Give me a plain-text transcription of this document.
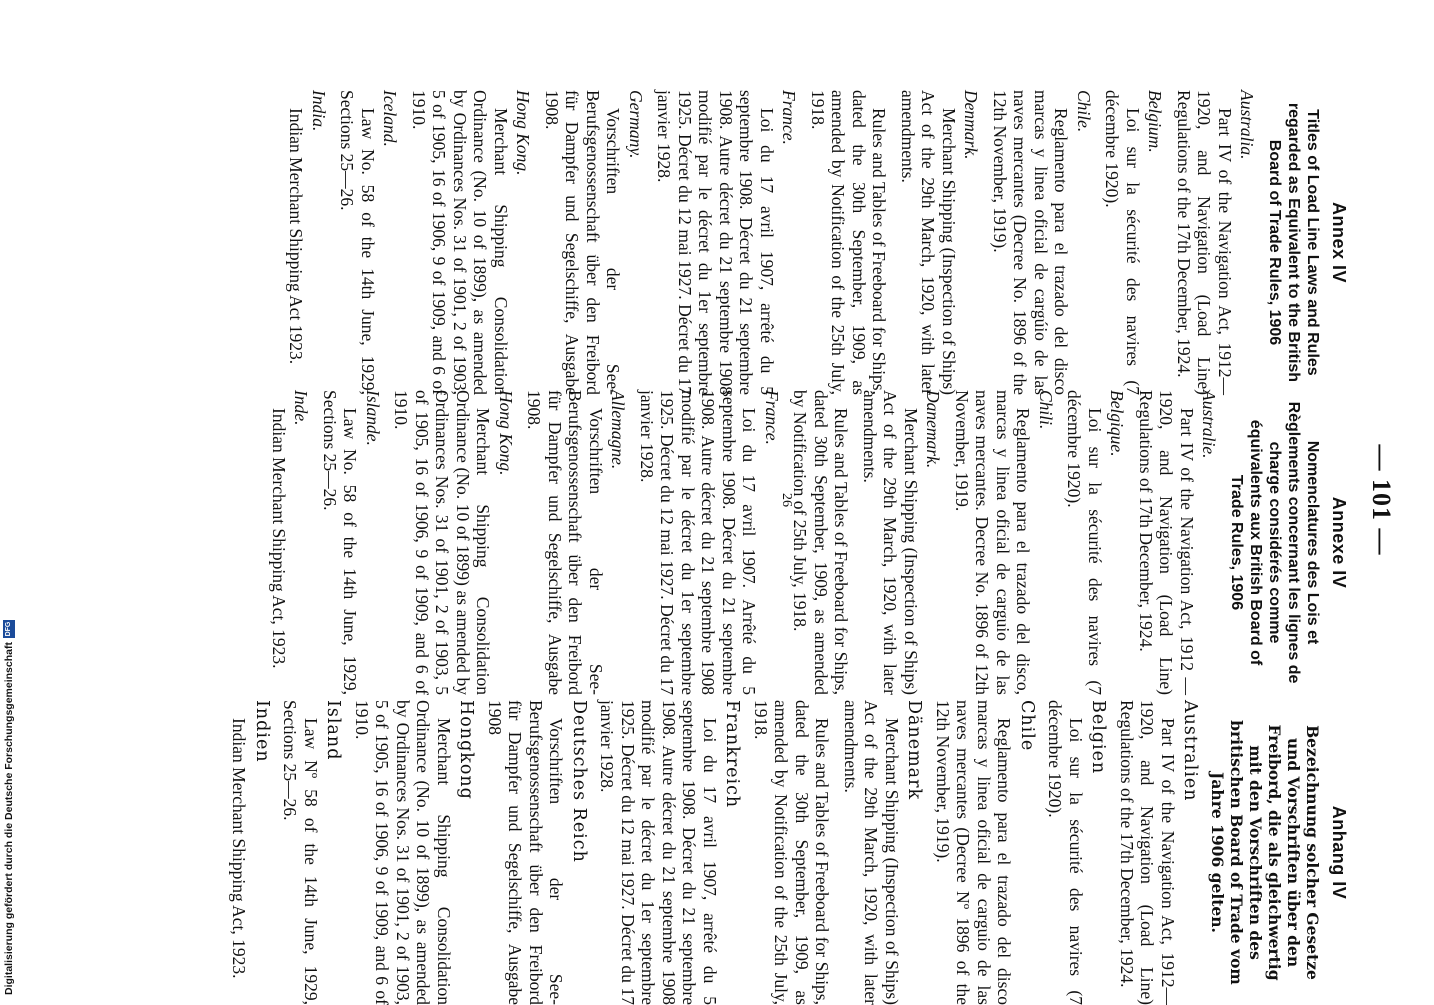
— 101 —
Annex IV
Titles of Load Line Laws and Rules regarded as Equivalent to the British Board of Trade Rules, 1906
Australia.
Part IV of the Navigation Act, 1912—1920, and Navigation (Load Line) Regulations of the 17th December, 1924.
Belgium.
Loi sur la sécurité des navires (7 décembre 1920).
Chile.
Reglamento para el trazado del disco marcas y linea oficial de cargúio de las naves mercantes (Decree No. 1896 of the 12th November, 1919).
Denmark.
Merchant Shipping (Inspection of Ships) Act of the 29th March, 1920, with later amendments.
Rules and Tables of Freeboard for Ships, dated the 30th September, 1909, as amended by Notification of the 25th July, 1918.
France.
Loi du 17 avril 1907, arrêté du 5 septembre 1908. Décret du 21 septembre 1908. Autre décret du 21 septembre 1908 modifié par le décret du 1er septembre 1925. Décret du 12 mai 1927. Décret du 17 janvier 1928.
Germany.
Vorschriften der See-Berufsgenossenschaft über den Freibord für Dampfer und Segelschiffe, Ausgabe 1908.
Hong Kong.
Merchant Shipping Consolidation Ordinance (No. 10 of 1899), as amended by Ordinances Nos. 31 of 1901, 2 of 1903, 5 of 1905, 16 of 1906, 9 of 1909, and 6 of 1910.
Iceland.
Law No. 58 of the 14th June, 1929, Sections 25—26.
India.
Indian Merchant Shipping Act 1923.
Annexe IV
Nomenclatures des Lois et Règlements concernant les lignes de charge considérés comme équivalents aux British Board of Trade Rules, 1906
Australie.
Part IV of the Navigation Act, 1912 — 1920, and Navigation (Load Line) Regulations of 17th December, 1924.
Belgique.
Loi sur la sécurité des navires (7 décembre 1920).
Chili.
Reglamento para el trazado del disco, marcas y linea oficial de carguio de las naves mercantes. Decree No. 1896 of 12th November, 1919.
Danemark.
Merchant Shipping (Inspection of Ships) Act of the 29th March, 1920, with later amendments.
Rules and Tables of Freeboard for Ships, dated 30th September, 1909, as amended by Notification of 25th July, 1918.
France.
Loi du 17 avril 1907. Arrêté du 5 septembre 1908. Décret du 21 septembre 1908. Autre décret du 21 septembre 1908 modifié par le décret du 1er septembre 1925. Décret du 12 mai 1927. Décret du 17 janvier 1928.
Allemagne.
Vorschriften der See-Berufsgenossenschaft über den Freibord für Dampfer und Segelschiffe, Ausgabe 1908.
Hong Kong.
Merchant Shipping Consolidation Ordinance (No. 10 of 1899) as amended by Ordinances Nos. 31 of 1901, 2 of 1903, 5 of 1905, 16 of 1906, 9 of 1909, and 6 of 1910.
Islande.
Law No. 58 of the 14th June, 1929, Sections 25—26.
Inde.
Indian Merchant Shipping Act, 1923.
Anhang IV
Bezeichnung solcher Gesetze und Vorschriften über den Freibord, die als gleichwertig mit den Vorschriften des britischen Board of Trade vom Jahre 1906 gelten.
Australien
Part IV of the Navigation Act, 1912—1920, and Navigation (Load Line) Regulations of the 17th December, 1924.
Belgien
Loi sur la sécurité des navires (7 décembre 1920).
Chile
Reglamento para el trazado del disco marcas y linea oficial de carguio de las naves mercantes (Decree Nº 1896 of the 12th November, 1919).
Dänemark
Merchant Shipping (Inspection of Ships) Act of the 29th March, 1920, with later amendments.
Rules and Tables of Freeboard for Ships, dated the 30th September, 1909, as amended by Notification of the 25th July, 1918.
Frankreich
Loi du 17 avril 1907, arrêté du 5 septembre 1908. Décret du 21 septembre 1908. Autre décret du 21 septembre 1908 modifié par le décret du 1er septembre 1925. Décret du 12 mai 1927. Décret du 17 janvier 1928.
Deutsches Reich
Vorschriften der See-Berufsgenossenschaft über den Freibord für Dampfer und Segelschiffe, Ausgabe 1908
Hongkong
Merchant Shipping Consolidation Ordinance (No. 10 of 1899), as amended by Ordinances Nos. 31 of 1901, 2 of 1903, 5 of 1905, 16 of 1906, 9 of 1909, and 6 of 1910.
Island
Law Nº 58 of the 14th June, 1929, Sections 25—26.
Indien
Indian Merchant Shipping Act, 1923.
26
Digitalisierung gefördert durch die Deutsche Forschungsgemeinschaft
DFG
